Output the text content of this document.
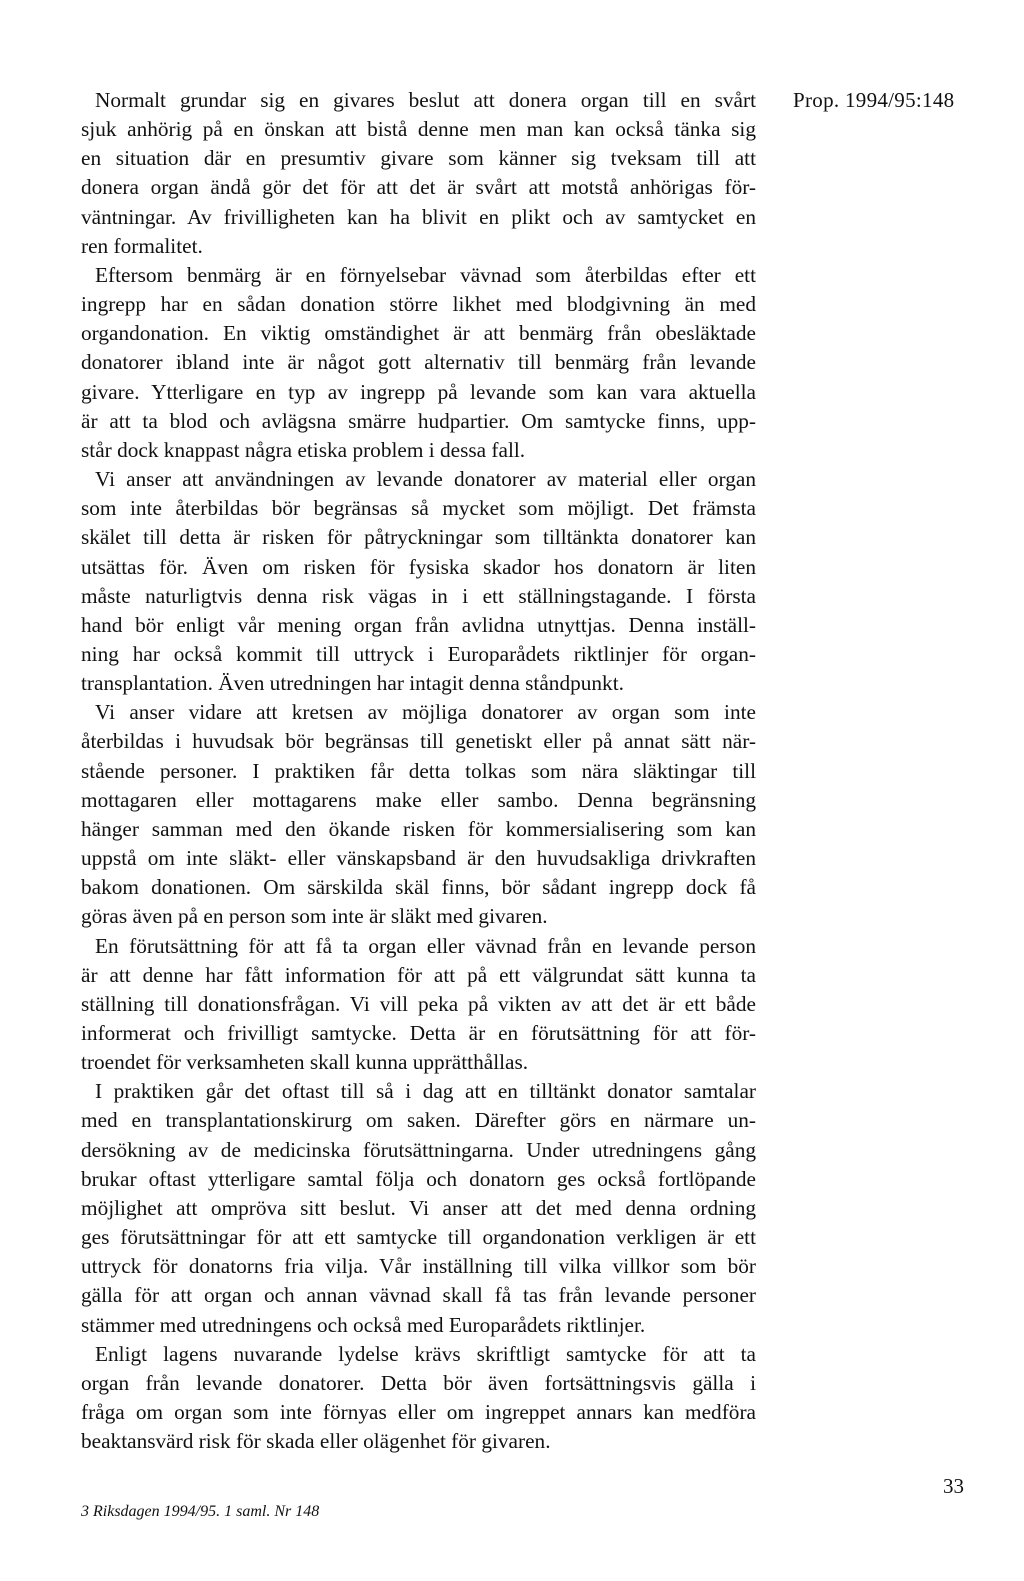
Prop. 1994/95:148
Normalt grundar sig en givares beslut att donera organ till en svårt
sjuk anhörig på en önskan att bistå denne men man kan också tänka sig
en situation där en presumtiv givare som känner sig tveksam till att
donera organ ändå gör det för att det är svårt att motstå anhörigas för-
väntningar. Av frivilligheten kan ha blivit en plikt och av samtycket en
ren formalitet.
Eftersom benmärg är en förnyelsebar vävnad som återbildas efter ett
ingrepp har en sådan donation större likhet med blodgivning än med
organdonation. En viktig omständighet är att benmärg från obesläktade
donatorer ibland inte är något gott alternativ till benmärg från levande
givare. Ytterligare en typ av ingrepp på levande som kan vara aktuella
är att ta blod och avlägsna smärre hudpartier. Om samtycke finns, upp-
står dock knappast några etiska problem i dessa fall.
Vi anser att användningen av levande donatorer av material eller organ
som inte återbildas bör begränsas så mycket som möjligt. Det främsta
skälet till detta är risken för påtryckningar som tilltänkta donatorer kan
utsättas för. Även om risken för fysiska skador hos donatorn är liten
måste naturligtvis denna risk vägas in i ett ställningstagande. I första
hand bör enligt vår mening organ från avlidna utnyttjas. Denna inställ-
ning har också kommit till uttryck i Europarådets riktlinjer för organ-
transplantation. Även utredningen har intagit denna ståndpunkt.
Vi anser vidare att kretsen av möjliga donatorer av organ som inte
återbildas i huvudsak bör begränsas till genetiskt eller på annat sätt när-
stående personer. I praktiken får detta tolkas som nära släktingar till
mottagaren eller mottagarens make eller sambo. Denna begränsning
hänger samman med den ökande risken för kommersialisering som kan
uppstå om inte släkt- eller vänskapsband är den huvudsakliga drivkraften
bakom donationen. Om särskilda skäl finns, bör sådant ingrepp dock få
göras även på en person som inte är släkt med givaren.
En förutsättning för att få ta organ eller vävnad från en levande person
är att denne har fått information för att på ett välgrundat sätt kunna ta
ställning till donationsfrågan. Vi vill peka på vikten av att det är ett både
informerat och frivilligt samtycke. Detta är en förutsättning för att för-
troendet för verksamheten skall kunna upprätthållas.
I praktiken går det oftast till så i dag att en tilltänkt donator samtalar
med en transplantationskirurg om saken. Därefter görs en närmare un-
dersökning av de medicinska förutsättningarna. Under utredningens gång
brukar oftast ytterligare samtal följa och donatorn ges också fortlöpande
möjlighet att ompröva sitt beslut. Vi anser att det med denna ordning
ges förutsättningar för att ett samtycke till organdonation verkligen är ett
uttryck för donatorns fria vilja. Vår inställning till vilka villkor som bör
gälla för att organ och annan vävnad skall få tas från levande personer
stämmer med utredningens och också med Europarådets riktlinjer.
Enligt lagens nuvarande lydelse krävs skriftligt samtycke för att ta
organ från levande donatorer. Detta bör även fortsättningsvis gälla i
fråga om organ som inte förnyas eller om ingreppet annars kan medföra
beaktansvärd risk för skada eller olägenhet för givaren.
3 Riksdagen 1994/95. 1 saml. Nr 148
33
